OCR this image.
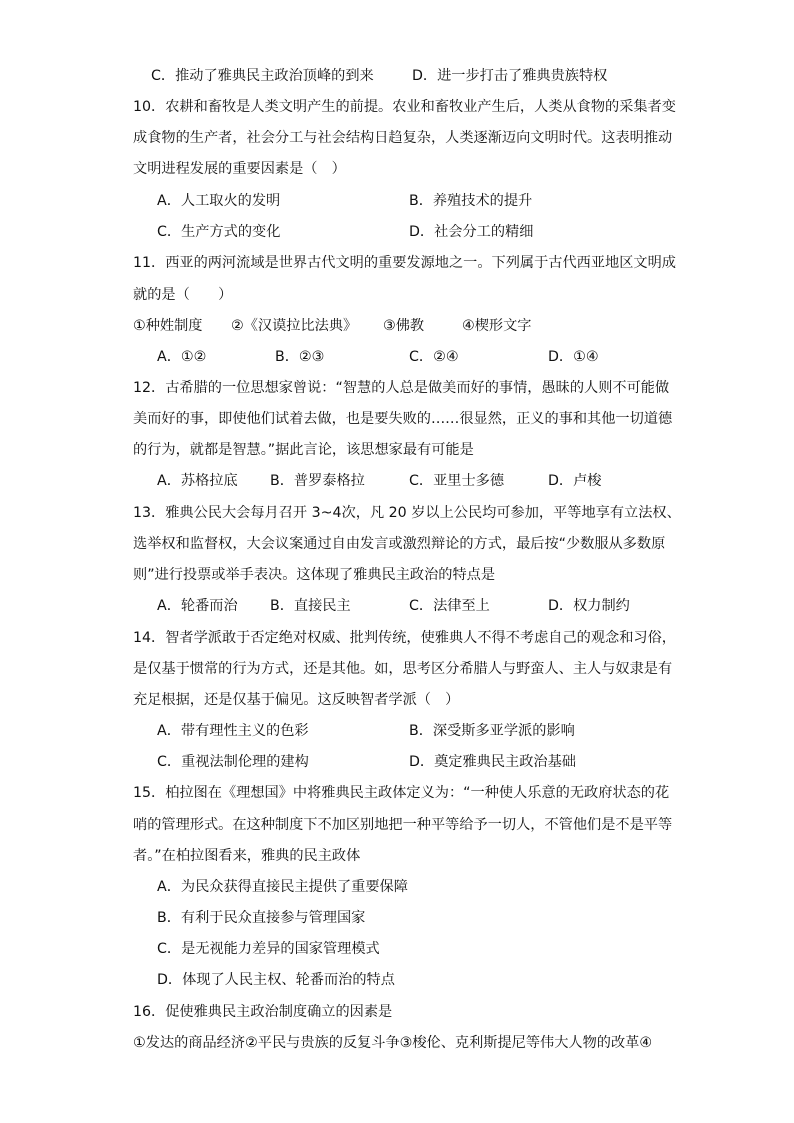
C．推动了雅典民主政治顶峰的到来	D．进一步打击了雅典贵族特权
10．农耕和畜牧是人类文明产生的前提。农业和畜牧业产生后，人类从食物的采集者变
成食物的生产者，社会分工与社会结构日趋复杂，人类逐渐迈向文明时代。这表明推动
文明进程发展的重要因素是（　）
A．人工取火的发明	B．养殖技术的提升
C．生产方式的变化	D．社会分工的精细
11．西亚的两河流域是世界古代文明的重要发源地之一。下列属于古代西亚地区文明成
就的是（　　）
①种姓制度 ②《汉谟拉比法典》 ③佛教	④楔形文字
A．①②	B．②③	C．②④	D．①④
12．古希腊的一位思想家曾说：“智慧的人总是做美而好的事情，愚昧的人则不可能做
美而好的事，即使他们试着去做，也是要失败的……很显然，正义的事和其他一切道德
的行为，就都是智慧。”据此言论，该思想家最有可能是
A．苏格拉底 B．普罗泰格拉	C．亚里士多德	D．卢梭
13．雅典公民大会每月召开 3~4次，凡 20 岁以上公民均可参加，平等地享有立法权、
选举权和监督权，大会议案通过自由发言或激烈辩论的方式，最后按“少数服从多数原
则”进行投票或举手表决。这体现了雅典民主政治的特点是
A．轮番而治 B．直接民主	C．法律至上	D．权力制约
14．智者学派敢于否定绝对权威、批判传统，使雅典人不得不考虑自己的观念和习俗，
是仅基于惯常的行为方式，还是其他。如，思考区分希腊人与野蛮人、主人与奴隶是有
充足根据，还是仅基于偏见。这反映智者学派（　）
A．带有理性主义的色彩	B．深受斯多亚学派的影响
C．重视法制伦理的建构	D．奠定雅典民主政治基础
15．柏拉图在《理想国》中将雅典民主政体定义为：“一种使人乐意的无政府状态的花
哨的管理形式。在这种制度下不加区别地把一种平等给予一切人，不管他们是不是平等
者。”在柏拉图看来，雅典的民主政体
A．为民众获得直接民主提供了重要保障
B．有利于民众直接参与管理国家
C．是无视能力差异的国家管理模式
D．体现了人民主权、轮番而治的特点
16．促使雅典民主政治制度确立的因素是
①发达的商品经济②平民与贵族的反复斗争③梭伦、克利斯提尼等伟大人物的改革④
